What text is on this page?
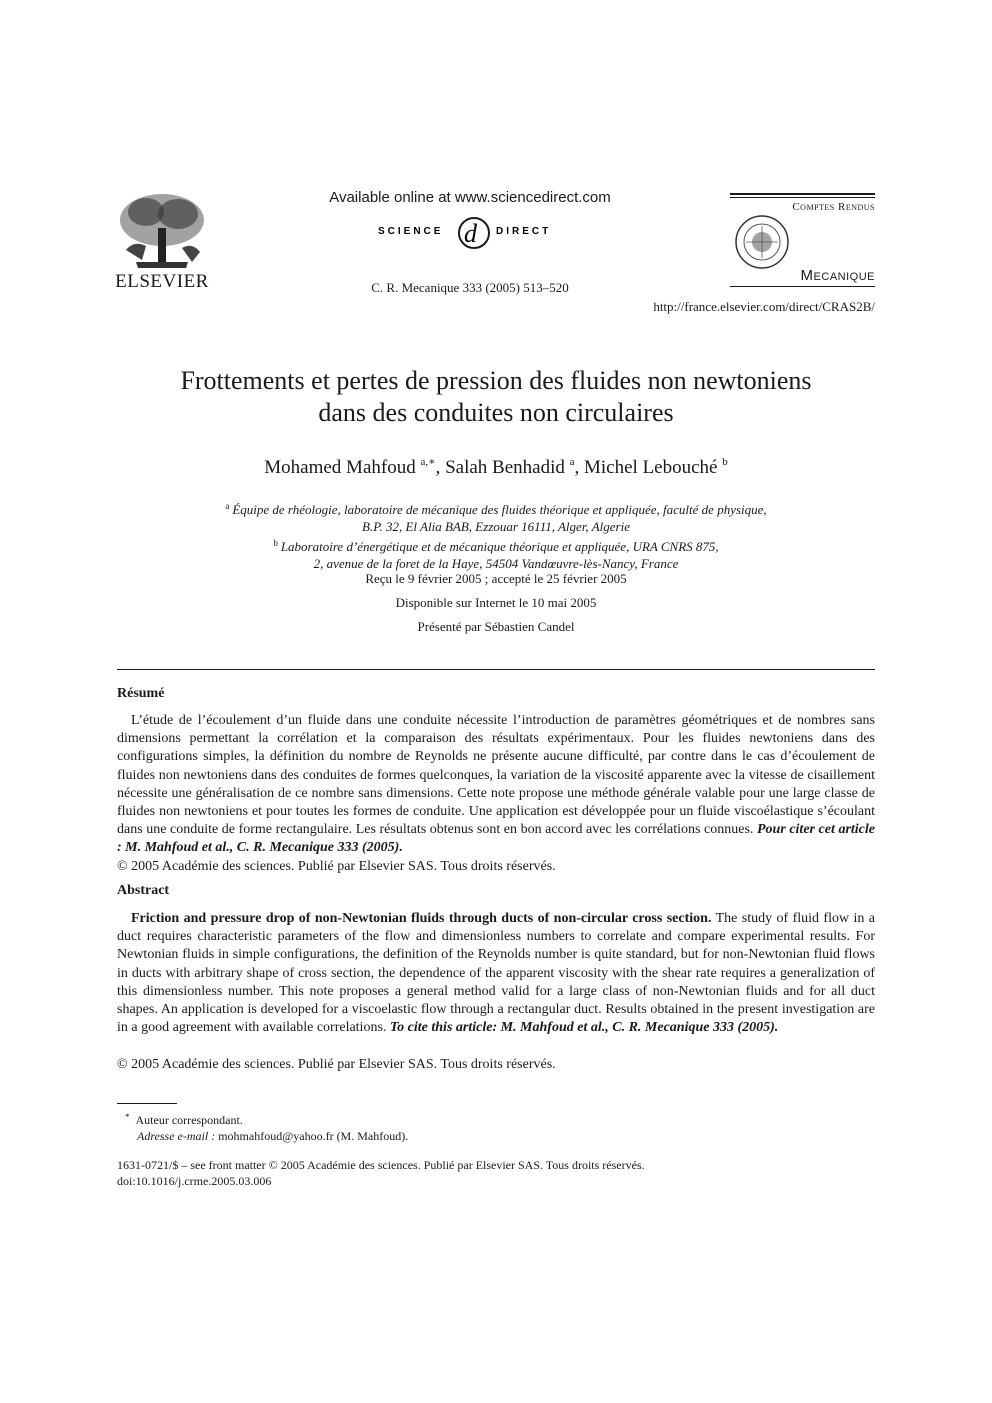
ELSEVIER
Available online at www.sciencedirect.com
SCIENCE d DIRECT
C. R. Mecanique 333 (2005) 513–520
Comptes Rendus
Mecanique
http://france.elsevier.com/direct/CRAS2B/
Frottements et pertes de pression des fluides non newtoniens
dans des conduites non circulaires
Mohamed Mahfoud $^{a,∗}$, Salah Benhadid $^a$, Michel Lebouché $^b$
$^a$ Équipe de rhéologie, laboratoire de mécanique des fluides théorique et appliquée, faculté de physique,
B.P. 32, El Alia BAB, Ezzouar 16111, Alger, Algerie
$^b$ Laboratoire d’énergétique et de mécanique théorique et appliquée, URA CNRS 875,
2, avenue de la foret de la Haye, 54504 Vandœuvre-lès-Nancy, France
Reçu le 9 février 2005 ; accepté le 25 février 2005
Disponible sur Internet le 10 mai 2005
Présenté par Sébastien Candel
Résumé
L’étude de l’écoulement d’un fluide dans une conduite nécessite l’introduction de paramètres géométriques et de nombres sans dimensions permettant la corrélation et la comparaison des résultats expérimentaux. Pour les fluides newtoniens dans des configurations simples, la définition du nombre de Reynolds ne présente aucune difficulté, par contre dans le cas d’écoulement de fluides non newtoniens dans des conduites de formes quelconques, la variation de la viscosité apparente avec la vitesse de cisaillement nécessite une généralisation de ce nombre sans dimensions. Cette note propose une méthode générale valable pour une large classe de fluides non newtoniens et pour toutes les formes de conduite. Une application est développée pour un fluide viscoélastique s’écoulant dans une conduite de forme rectangulaire. Les résultats obtenus sont en bon accord avec les corrélations connues. Pour citer cet article : M. Mahfoud et al., C. R. Mecanique 333 (2005).
© 2005 Académie des sciences. Publié par Elsevier SAS. Tous droits réservés.
Abstract
Friction and pressure drop of non-Newtonian fluids through ducts of non-circular cross section. The study of fluid flow in a duct requires characteristic parameters of the flow and dimensionless numbers to correlate and compare experimental results. For Newtonian fluids in simple configurations, the definition of the Reynolds number is quite standard, but for non-Newtonian fluid flows in ducts with arbitrary shape of cross section, the dependence of the apparent viscosity with the shear rate requires a generalization of this dimensionless number. This note proposes a general method valid for a large class of non-Newtonian fluids and for all duct shapes. An application is developed for a viscoelastic flow through a rectangular duct. Results obtained in the present investigation are in a good agreement with available correlations. To cite this article: M. Mahfoud et al., C. R. Mecanique 333 (2005).
© 2005 Académie des sciences. Publié par Elsevier SAS. Tous droits réservés.
* Auteur correspondant.
Adresse e-mail : mohmahfoud@yahoo.fr (M. Mahfoud).
1631-0721/$ – see front matter © 2005 Académie des sciences. Publié par Elsevier SAS. Tous droits réservés.
doi:10.1016/j.crme.2005.03.006
